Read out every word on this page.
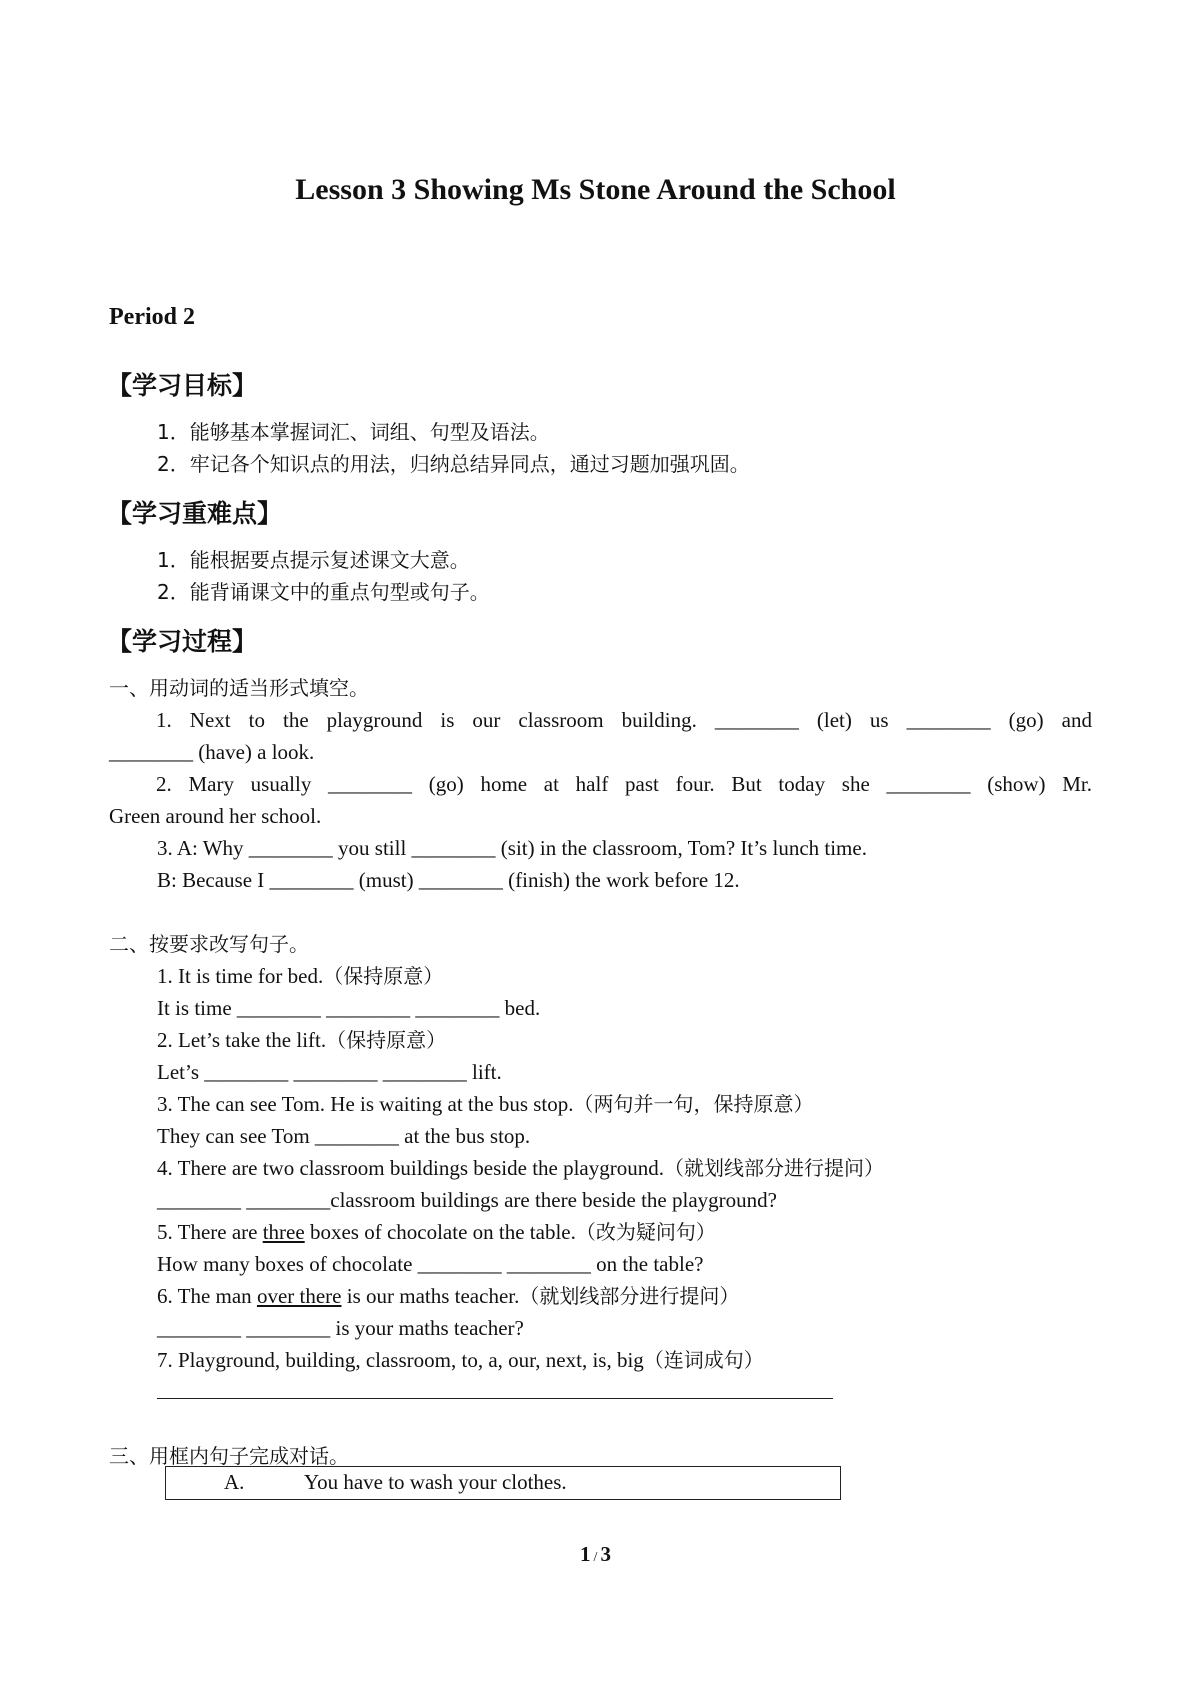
Lesson 3 Showing Ms Stone Around the School
Period 2
【学习目标】
1．能够基本掌握词汇、词组、句型及语法。
2．牢记各个知识点的用法，归纳总结异同点，通过习题加强巩固。
【学习重难点】
1．能根据要点提示复述课文大意。
2．能背诵课文中的重点句型或句子。
【学习过程】
一、用动词的适当形式填空。
1. Next to the playground is our classroom building. ________ (let) us ________ (go) and
________ (have) a look.
2. Mary usually ________ (go) home at half past four. But today she ________ (show) Mr.
Green around her school.
3. A: Why ________ you still ________ (sit) in the classroom, Tom? It’s lunch time.
B: Because I ________ (must) ________ (finish) the work before 12.
二、按要求改写句子。
1. It is time for bed.（保持原意）
It is time ________ ________ ________ bed.
2. Let’s take the lift.（保持原意）
Let’s ________ ________ ________ lift.
3. The can see Tom. He is waiting at the bus stop.（两句并一句，保持原意）
They can see Tom ________ at the bus stop.
4. There are two classroom buildings beside the playground.（就划线部分进行提问）
________ ________classroom buildings are there beside the playground?
5. There are three boxes of chocolate on the table.（改为疑问句）
How many boxes of chocolate ________ ________ on the table?
6. The man over there is our maths teacher.（就划线部分进行提问）
________ ________ is your maths teacher?
7. Playground, building, classroom, to, a, our, next, is, big（连词成句）
三、用框内句子完成对话。
A.	You have to wash your clothes.
1 / 3
